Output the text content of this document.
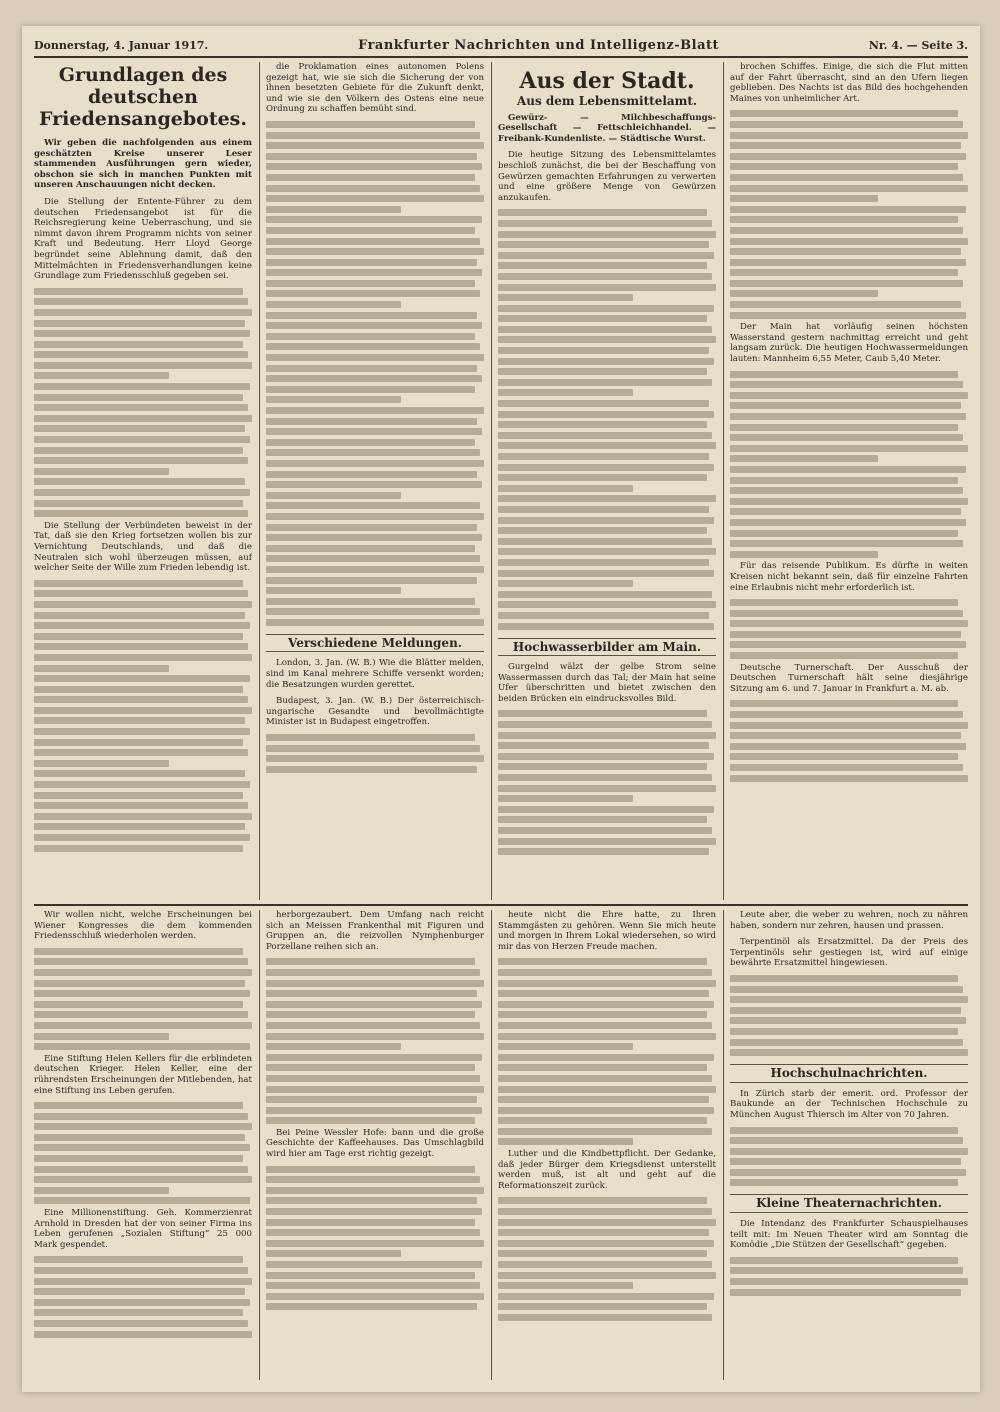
Donnerstag, 4. Januar 1917.	Frankfurter Nachrichten und Intelligenz-Blatt	Nr. 4. — Seite 3.
Grundlagen des deutschen Friedensangebotes.

Wir geben die nachfolgenden aus einem geschätzten Kreise unserer Leser stammenden Ausführungen gern wieder, obschon sie sich in manchen Punkten mit unseren Anschauungen nicht decken.

Die Stellung der Entente-Führer zu dem deutschen Friedensangebot ist für die Reichsregierung keine Ueberraschung, und sie nimmt davon ihrem Programm nichts von seiner Kraft und Bedeutung. Herr Lloyd George begründet seine Ablehnung damit, daß den Mittelmächten in Friedensverhandlungen keine Grundlage zum Friedensschluß gegeben sei.

Die Stellung der Verbündeten beweist in der Tat, daß sie den Krieg fortsetzen wollen bis zur Vernichtung Deutschlands, und daß die Neutralen sich wohl überzeugen müssen, auf welcher Seite der Wille zum Frieden lebendig ist.

die Proklamation eines autonomen Polens gezeigt hat, wie sie sich die Sicherung der von ihnen besetzten Gebiete für die Zukunft denkt, und wie sie den Völkern des Ostens eine neue Ordnung zu schaffen bemüht sind.

Verschiedene Meldungen.

London, 3. Jan. (W. B.) Wie die Blätter melden, sind im Kanal mehrere Schiffe versenkt worden; die Besatzungen wurden gerettet.

Budapest, 3. Jan. (W. B.) Der österreichisch-ungarische Gesandte und bevollmächtigte Minister ist in Budapest eingetroffen.

Aus der Stadt.
Aus dem Lebensmittelamt.

Gewürz- — Milchbeschaffungs-Gesellschaft — Fettschleichhandel. — Freibank-Kundenliste. — Städtische Wurst.

Die heutige Sitzung des Lebensmittelamtes beschloß zunächst, die bei der Beschaffung von Gewürzen gemachten Erfahrungen zu verwerten und eine größere Menge von Gewürzen anzukaufen.

Hochwasserbilder am Main.

Gurgelnd wälzt der gelbe Strom seine Wassermassen durch das Tal; der Main hat seine Ufer überschritten und bietet zwischen den beiden Brücken ein eindrucksvolles Bild.

brochen Schiffes. Einige, die sich die Flut mitten auf der Fahrt überrascht, sind an den Ufern liegen geblieben. Des Nachts ist das Bild des hochgehenden Maines von unheimlicher Art.

Der Main hat vorläufig seinen höchsten Wasserstand gestern nachmittag erreicht und geht langsam zurück. Die heutigen Hochwassermeldungen lauten: Mannheim 6,55 Meter, Caub 5,40 Meter.

Für das reisende Publikum. Es dürfte in weiten Kreisen nicht bekannt sein, daß für einzelne Fahrten eine Erlaubnis nicht mehr erforderlich ist.

Deutsche Turnerschaft. Der Ausschuß der Deutschen Turnerschaft hält seine diesjährige Sitzung am 6. und 7. Januar in Frankfurt a. M. ab.

Wir wollen nicht, welche Erscheinungen bei Wiener Kongresses die dem kommenden Friedensschluß wiederholen werden.

Eine Stiftung Helen Kellers für die erblindeten deutschen Krieger. Helen Keller, eine der rührendsten Erscheinungen der Mitlebenden, hat eine Stiftung ins Leben gerufen.

Eine Millionenstiftung. Geh. Kommerzienrat Arnhold in Dresden hat der von seiner Firma ins Leben gerufenen „Sozialen Stiftung“ 25 000 Mark gespendet.

herborgezaubert. Dem Umfang nach reicht sich an Meissen Frankenthal mit Figuren und Gruppen an, die reizvollen Nymphenburger Porzellane reihen sich an.

Bei Peine Wessler Hofe: bann und die große Geschichte der Kaffeehauses. Das Umschlagbild wird hier am Tage erst richtig gezeigt.

heute nicht die Ehre hatte, zu Ihren Stammgästen zu gehören. Wenn Sie mich heute und morgen in Ihrem Lokal wiedersehen, so wird mir das von Herzen Freude machen.

Luther und die Kindbettpflicht. Der Gedanke, daß jeder Bürger dem Kriegsdienst unterstellt werden muß, ist alt und geht auf die Reformationszeit zurück.

Leute aber, die weber zu wehren, noch zu nähren haben, sondern nur zehren, hausen und prassen.

Terpentinöl als Ersatzmittel. Da der Preis des Terpentinöls sehr gestiegen ist, wird auf einige bewährte Ersatzmittel hingewiesen.

Hochschulnachrichten.

In Zürich starb der emerit. ord. Professor der Baukunde an der Technischen Hochschule zu München August Thiersch im Alter von 70 Jahren.

Kleine Theaternachrichten.

Die Intendanz des Frankfurter Schauspielhauses teilt mit: Im Neuen Theater wird am Sonntag die Komödie „Die Stützen der Gesellschaft“ gegeben.
